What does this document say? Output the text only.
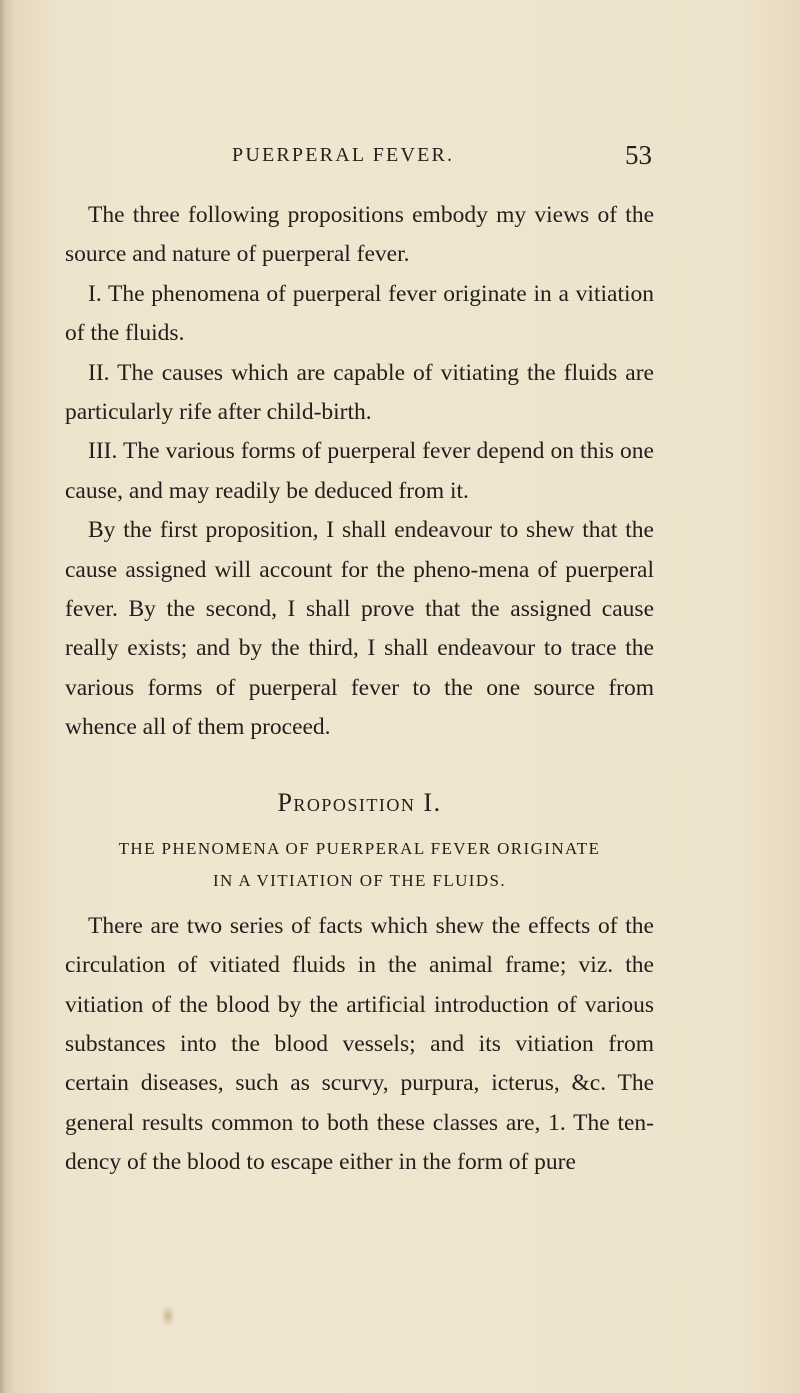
PUERPERAL FEVER.	53

The three following propositions embody my views of the source and nature of puerperal fever.

I. The phenomena of puerperal fever originate in a vitiation of the fluids.

II. The causes which are capable of vitiating the fluids are particularly rife after child-birth.

III. The various forms of puerperal fever depend on this one cause, and may readily be deduced from it.

By the first proposition, I shall endeavour to shew that the cause assigned will account for the pheno-mena of puerperal fever. By the second, I shall prove that the assigned cause really exists; and by the third, I shall endeavour to trace the various forms of puerperal fever to the one source from whence all of them proceed.

Proposition I.

THE PHENOMENA OF PUERPERAL FEVER ORIGINATE

IN A VITIATION OF THE FLUIDS.

There are two series of facts which shew the effects of the circulation of vitiated fluids in the animal frame; viz. the vitiation of the blood by the artificial introduction of various substances into the blood vessels; and its vitiation from certain diseases, such as scurvy, purpura, icterus, &c. The general results common to both these classes are, 1. The ten-dency of the blood to escape either in the form of pure
